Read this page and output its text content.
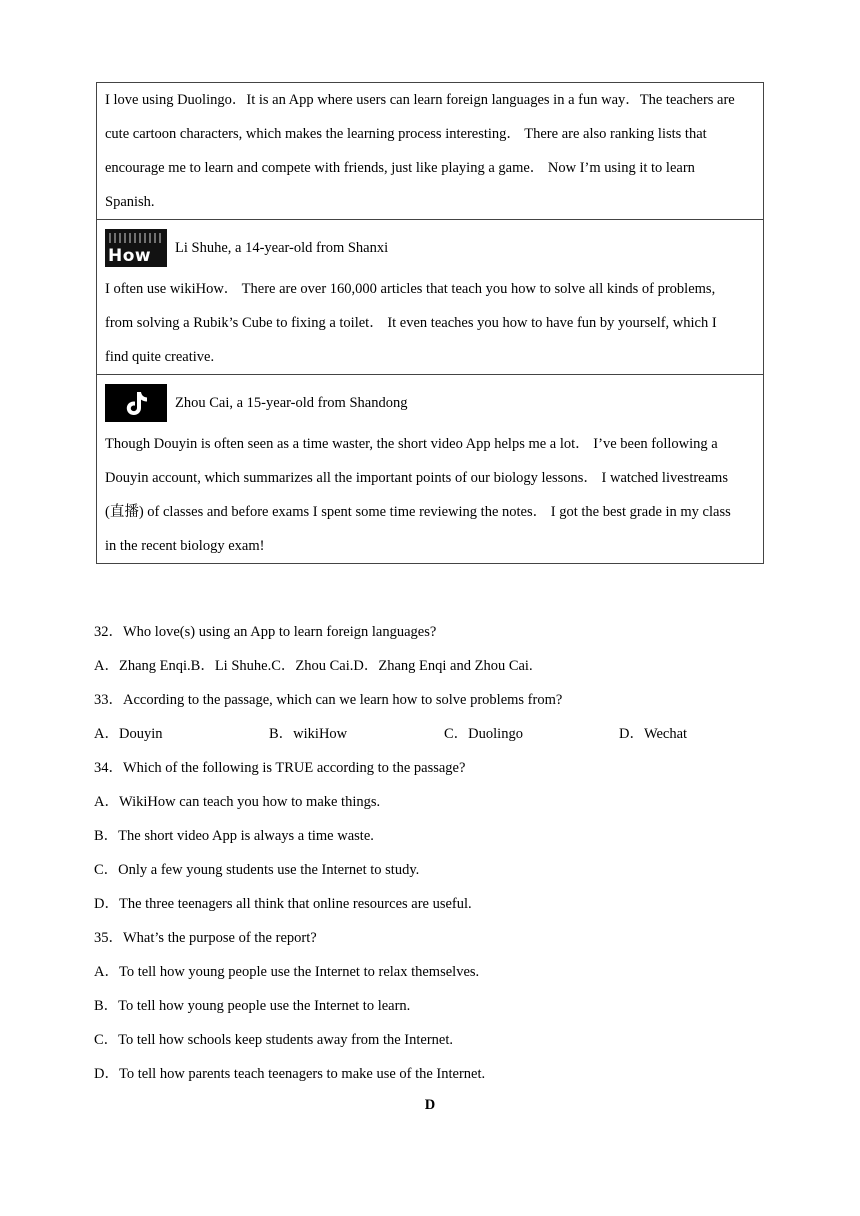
I love using Duolingo．It is an App where users can learn foreign languages in a fun way．The teachers are
cute cartoon characters, which makes the learning process interesting． There are also ranking lists that
encourage me to learn and compete with friends, just like playing a game． Now I’m using it to learn
Spanish.
How Li Shuhe, a 14-year-old from Shanxi
I often use wikiHow． There are over 160,000 articles that teach you how to solve all kinds of problems,
from solving a Rubik’s Cube to fixing a toilet． It even teaches you how to have fun by yourself, which I
find quite creative.
Zhou Cai, a 15-year-old from Shandong
Though Douyin is often seen as a time waster, the short video App helps me a lot． I’ve been following a
Douyin account, which summarizes all the important points of our biology lessons． I watched livestreams
(直播) of classes and before exams I spent some time reviewing the notes． I got the best grade in my class
in the recent biology exam!
32．Who love(s) using an App to learn foreign languages?
A．Zhang Enqi.B．Li Shuhe.C．Zhou Cai.D．Zhang Enqi and Zhou Cai.
33．According to the passage, which can we learn how to solve problems from?
A．Douyin	B．wikiHow	C．Duolingo	D．Wechat
34．Which of the following is TRUE according to the passage?
A．WikiHow can teach you how to make things.
B．The short video App is always a time waste.
C．Only a few young students use the Internet to study.
D．The three teenagers all think that online resources are useful.
35．What’s the purpose of the report?
A．To tell how young people use the Internet to relax themselves.
B．To tell how young people use the Internet to learn.
C．To tell how schools keep students away from the Internet.
D．To tell how parents teach teenagers to make use of the Internet.
D
